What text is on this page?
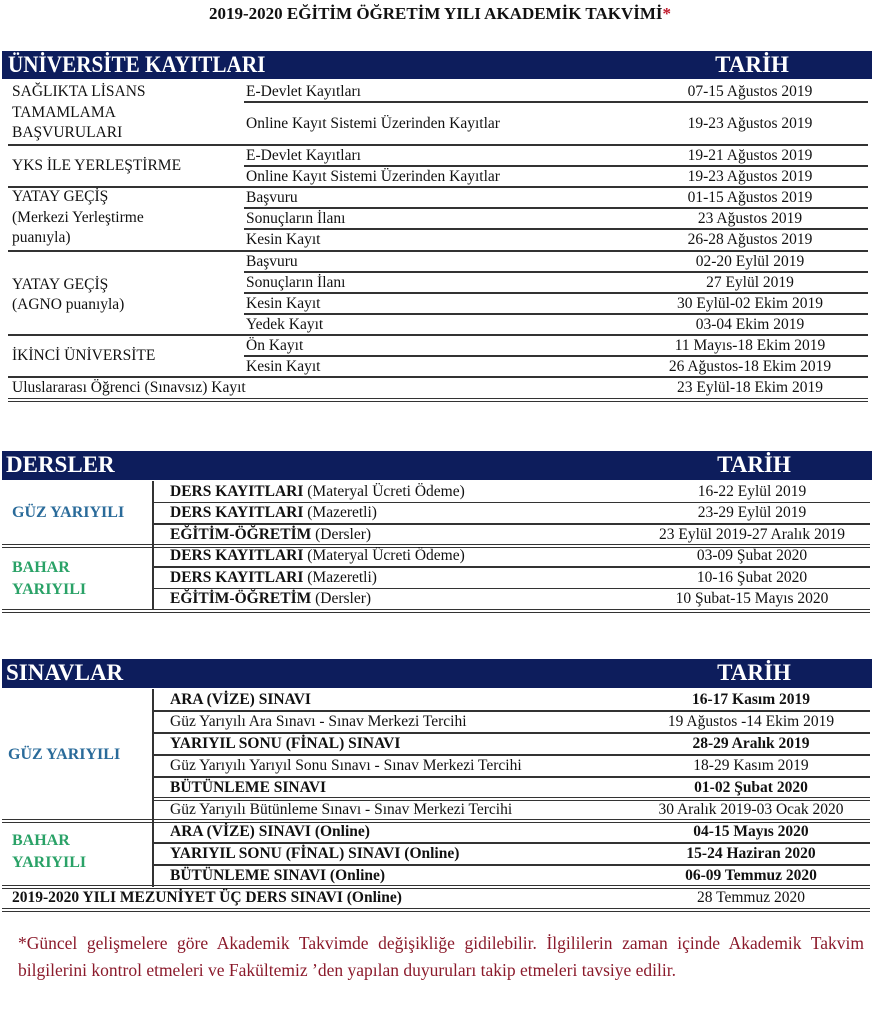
2019-2020 EĞİTİM ÖĞRETİM YILI AKADEMİK TAKVİMİ*
ÜNİVERSİTE KAYITLARI	TARİH
DERSLER	TARİH
SINAVLAR	TARİH
*Güncel gelişmelere göre Akademik Takvimde değişikliğe gidilebilir. İlgililerin zaman içinde Akademik Takvim bilgilerini kontrol etmeleri ve Fakültemiz ’den yapılan duyuruları takip etmeleri tavsiye edilir.
SAĞLIKTA LİSANS
TAMAMLAMA
BAŞVURULARI
E-Devlet Kayıtları	07-15 Ağustos 2019
Online Kayıt Sistemi Üzerinden Kayıtlar	19-23 Ağustos 2019
YKS İLE YERLEŞTİRME
E-Devlet Kayıtları	19-21 Ağustos 2019
Online Kayıt Sistemi Üzerinden Kayıtlar	19-23 Ağustos 2019
YATAY GEÇİŞ
(Merkezi Yerleştirme
puanıyla)
Başvuru	01-15 Ağustos 2019
Sonuçların İlanı	23 Ağustos 2019
Kesin Kayıt	26-28 Ağustos 2019
YATAY GEÇİŞ
(AGNO puanıyla)
Başvuru	02-20 Eylül 2019
Sonuçların İlanı	27 Eylül 2019
Kesin Kayıt	30 Eylül-02 Ekim 2019
Yedek Kayıt	03-04 Ekim 2019
İKİNCİ ÜNİVERSİTE
Ön Kayıt	11 Mayıs-18 Ekim 2019
Kesin Kayıt	26 Ağustos-18 Ekim 2019
Uluslararası Öğrenci (Sınavsız) Kayıt	23 Eylül-18 Ekim 2019
GÜZ YARIYILI
DERS KAYITLARI (Materyal Ücreti Ödeme)	16-22 Eylül 2019
DERS KAYITLARI (Mazeretli)	23-29 Eylül 2019
EĞİTİM-ÖĞRETİM (Dersler)	23 Eylül 2019-27 Aralık 2019
BAHAR
YARIYILI
DERS KAYITLARI (Materyal Ücreti Ödeme)	03-09 Şubat 2020
DERS KAYITLARI (Mazeretli)	10-16 Şubat 2020
EĞİTİM-ÖĞRETİM (Dersler)	10 Şubat-15 Mayıs 2020
GÜZ YARIYILI
ARA (VİZE) SINAVI	16-17 Kasım 2019
Güz Yarıyılı Ara Sınavı - Sınav Merkezi Tercihi	19 Ağustos -14 Ekim 2019
YARIYIL SONU (FİNAL) SINAVI	28-29 Aralık 2019
Güz Yarıyılı Yarıyıl Sonu Sınavı - Sınav Merkezi Tercihi	18-29 Kasım 2019
BÜTÜNLEME SINAVI	01-02 Şubat 2020
Güz Yarıyılı Bütünleme Sınavı - Sınav Merkezi Tercihi	30 Aralık 2019-03 Ocak 2020
BAHAR
YARIYILI
ARA (VİZE) SINAVI (Online)	04-15 Mayıs 2020
YARIYIL SONU (FİNAL) SINAVI (Online)	15-24 Haziran 2020
BÜTÜNLEME SINAVI (Online)	06-09 Temmuz 2020
2019-2020 YILI MEZUNİYET ÜÇ DERS SINAVI (Online)	28 Temmuz 2020
